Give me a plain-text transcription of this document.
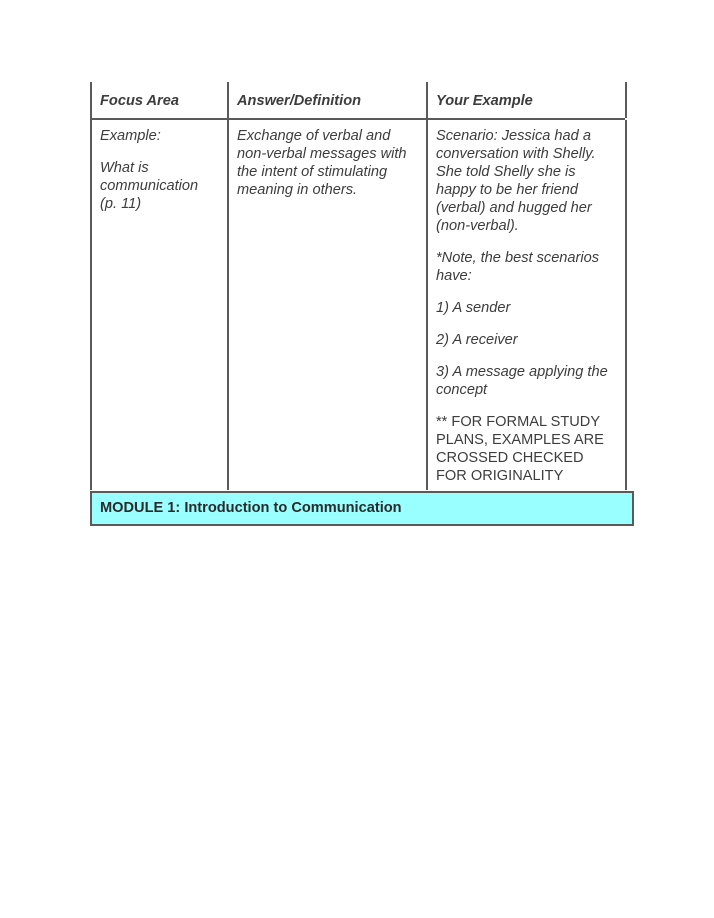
Focus Area	Answer/Definition	Your Example

Example:

What is communication (p. 11)

Exchange of verbal and non-verbal messages with the intent of stimulating meaning in others.

Scenario: Jessica had a conversation with Shelly. She told Shelly she is happy to be her friend (verbal) and hugged her (non-verbal).

*Note, the best scenarios have:

1) A sender

2) A receiver

3) A message applying the concept

** FOR FORMAL STUDY PLANS, EXAMPLES ARE CROSSED CHECKED FOR ORIGINALITY

MODULE 1: Introduction to Communication
